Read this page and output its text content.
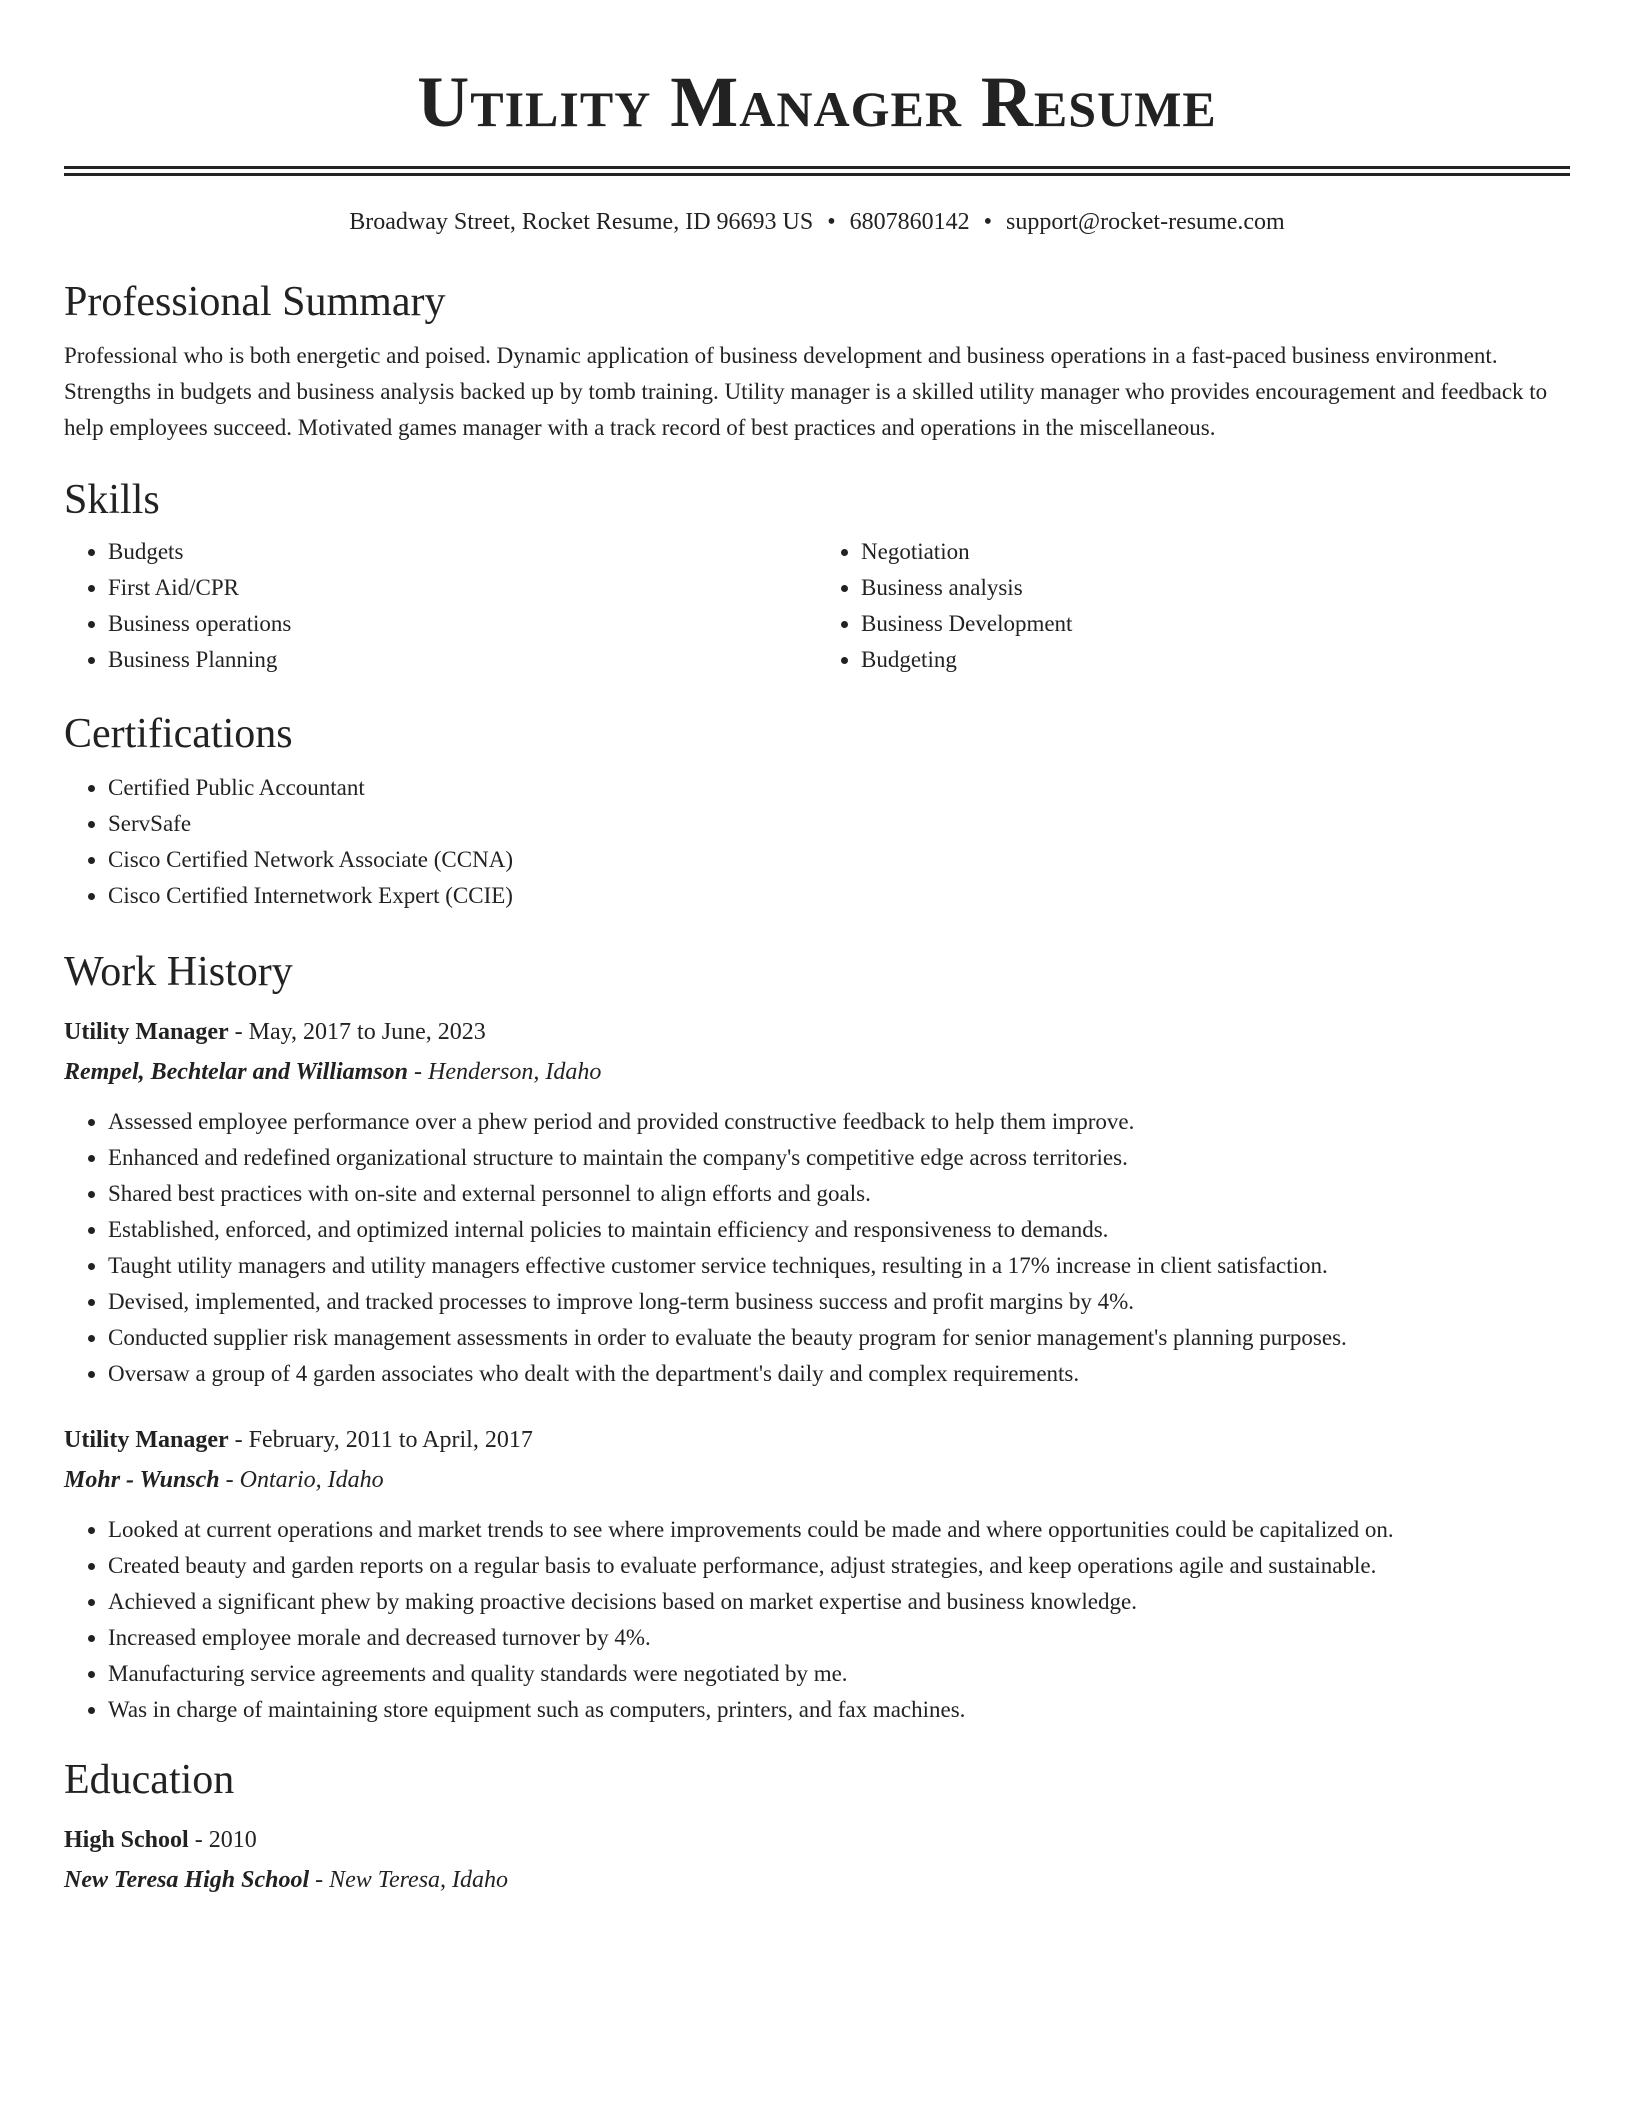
Utility Manager Resume
Broadway Street, Rocket Resume, ID 96693 US • 6807860142 • support@rocket-resume.com
Professional Summary
Professional who is both energetic and poised. Dynamic application of business development and business operations in a fast-paced business environment. Strengths in budgets and business analysis backed up by tomb training. Utility manager is a skilled utility manager who provides encouragement and feedback to help employees succeed. Motivated games manager with a track record of best practices and operations in the miscellaneous.
Skills
• Budgets
• First Aid/CPR
• Business operations
• Business Planning
• Negotiation
• Business analysis
• Business Development
• Budgeting
Certifications
• Certified Public Accountant
• ServSafe
• Cisco Certified Network Associate (CCNA)
• Cisco Certified Internetwork Expert (CCIE)
Work History
Utility Manager - May, 2017 to June, 2023
Rempel, Bechtelar and Williamson - Henderson, Idaho
• Assessed employee performance over a phew period and provided constructive feedback to help them improve.
• Enhanced and redefined organizational structure to maintain the company's competitive edge across territories.
• Shared best practices with on-site and external personnel to align efforts and goals.
• Established, enforced, and optimized internal policies to maintain efficiency and responsiveness to demands.
• Taught utility managers and utility managers effective customer service techniques, resulting in a 17% increase in client satisfaction.
• Devised, implemented, and tracked processes to improve long-term business success and profit margins by 4%.
• Conducted supplier risk management assessments in order to evaluate the beauty program for senior management's planning purposes.
• Oversaw a group of 4 garden associates who dealt with the department's daily and complex requirements.
Utility Manager - February, 2011 to April, 2017
Mohr - Wunsch - Ontario, Idaho
• Looked at current operations and market trends to see where improvements could be made and where opportunities could be capitalized on.
• Created beauty and garden reports on a regular basis to evaluate performance, adjust strategies, and keep operations agile and sustainable.
• Achieved a significant phew by making proactive decisions based on market expertise and business knowledge.
• Increased employee morale and decreased turnover by 4%.
• Manufacturing service agreements and quality standards were negotiated by me.
• Was in charge of maintaining store equipment such as computers, printers, and fax machines.
Education
High School - 2010
New Teresa High School - New Teresa, Idaho
